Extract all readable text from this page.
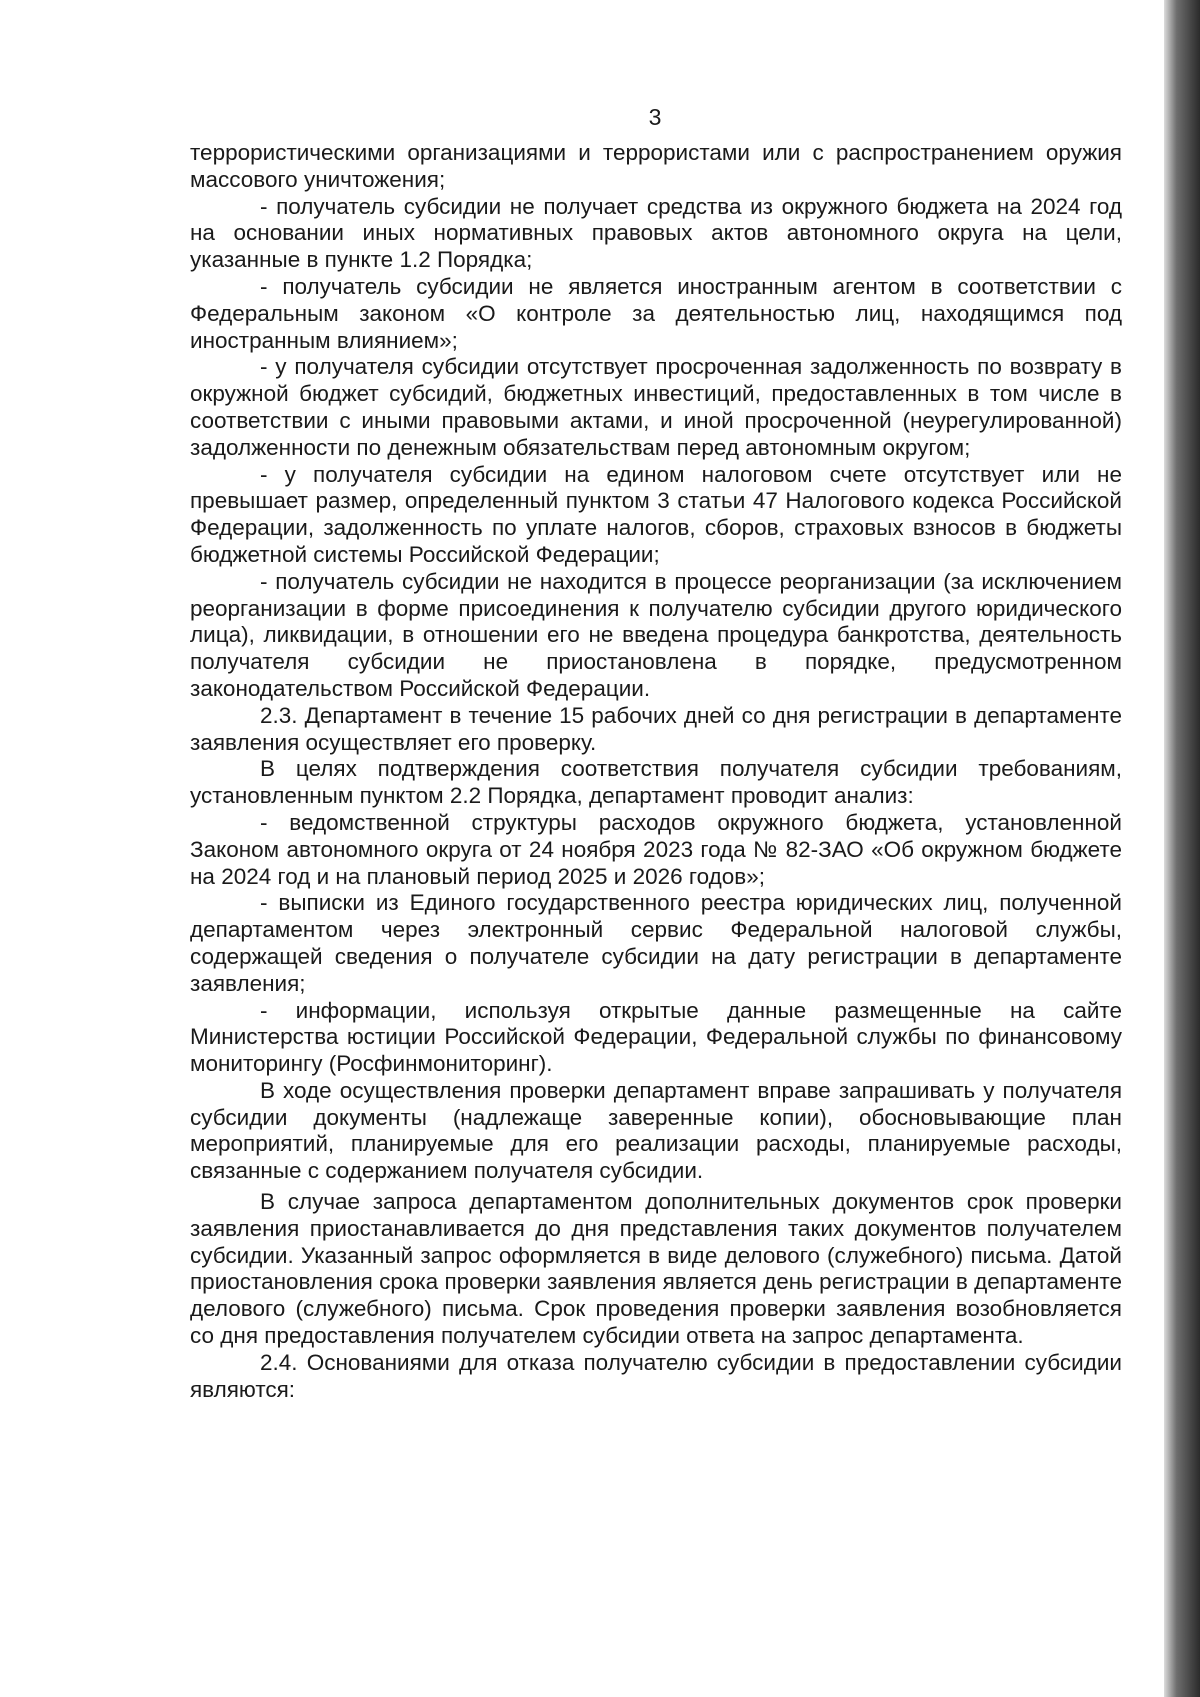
3

террористическими организациями и террористами или с распространением оружия массового уничтожения;

- получатель субсидии не получает средства из окружного бюджета на 2024 год на основании иных нормативных правовых актов автономного округа на цели, указанные в пункте 1.2 Порядка;

- получатель субсидии не является иностранным агентом в соответствии с Федеральным законом «О контроле за деятельностью лиц, находящимся под иностранным влиянием»;

- у получателя субсидии отсутствует просроченная задолженность по возврату в окружной бюджет субсидий, бюджетных инвестиций, предоставленных в том числе в соответствии с иными правовыми актами, и иной просроченной (неурегулированной) задолженности по денежным обязательствам перед автономным округом;

- у получателя субсидии на едином налоговом счете отсутствует или не превышает размер, определенный пунктом 3 статьи 47 Налогового кодекса Российской Федерации, задолженность по уплате налогов, сборов, страховых взносов в бюджеты бюджетной системы Российской Федерации;

- получатель субсидии не находится в процессе реорганизации (за исключением реорганизации в форме присоединения к получателю субсидии другого юридического лица), ликвидации, в отношении его не введена процедура банкротства, деятельность получателя субсидии не приостановлена в порядке, предусмотренном законодательством Российской Федерации.

2.3. Департамент в течение 15 рабочих дней со дня регистрации в департаменте заявления осуществляет его проверку.

В целях подтверждения соответствия получателя субсидии требованиям, установленным пунктом 2.2 Порядка, департамент проводит анализ:

- ведомственной структуры расходов окружного бюджета, установленной Законом автономного округа от 24 ноября 2023 года № 82-ЗАО «Об окружном бюджете на 2024 год и на плановый период 2025 и 2026 годов»;

- выписки из Единого государственного реестра юридических лиц, полученной департаментом через электронный сервис Федеральной налоговой службы, содержащей сведения о получателе субсидии на дату регистрации в департаменте заявления;

- информации, используя открытые данные размещенные на сайте Министерства юстиции Российской Федерации, Федеральной службы по финансовому мониторингу (Росфинмониторинг).

В ходе осуществления проверки департамент вправе запрашивать у получателя субсидии документы (надлежаще заверенные копии), обосновывающие план мероприятий, планируемые для его реализации расходы, планируемые расходы, связанные с содержанием получателя субсидии.

В случае запроса департаментом дополнительных документов срок проверки заявления приостанавливается до дня представления таких документов получателем субсидии. Указанный запрос оформляется в виде делового (служебного) письма. Датой приостановления срока проверки заявления является день регистрации в департаменте делового (служебного) письма. Срок проведения проверки заявления возобновляется со дня предоставления получателем субсидии ответа на запрос департамента.

2.4. Основаниями для отказа получателю субсидии в предоставлении субсидии являются:
